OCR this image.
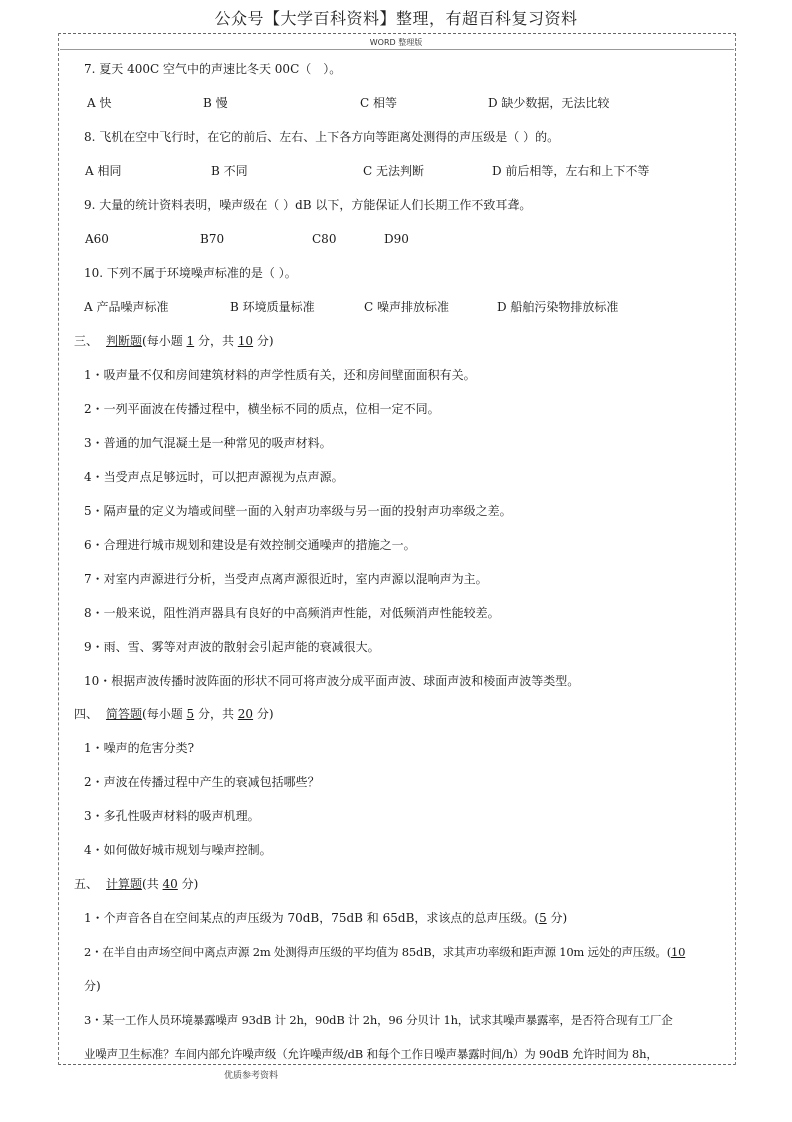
公众号【大学百科资料】整理，有超百科复习资料
WORD 整理版
7. 夏天 400C 空气中的声速比冬天 00C（　）。
A 快	B 慢	C 相等	D 缺少数据，无法比较
8. 飞机在空中飞行时，在它的前后、左右、上下各方向等距离处测得的声压级是（ ）的。
A 相同	B 不同	C 无法判断	D 前后相等，左右和上下不等
9. 大量的统计资料表明，噪声级在（ ）dB 以下，方能保证人们长期工作不致耳聋。
A60	B70	C80	D90
10. 下列不属于环境噪声标准的是（ ）。
A 产品噪声标准	B 环境质量标准	C 噪声排放标准	D 船舶污染物排放标准
三、 判断题(每小题 1 分，共 10 分)
1・吸声量不仅和房间建筑材料的声学性质有关，还和房间壁面面积有关。
2・一列平面波在传播过程中，横坐标不同的质点，位相一定不同。
3・普通的加气混凝土是一种常见的吸声材料。
4・当受声点足够远时，可以把声源视为点声源。
5・隔声量的定义为墙或间壁一面的入射声功率级与另一面的投射声功率级之差。
6・合理进行城市规划和建设是有效控制交通噪声的措施之一。
7・对室内声源进行分析，当受声点离声源很近时，室内声源以混响声为主。
8・一般来说，阻性消声器具有良好的中高频消声性能，对低频消声性能较差。
9・雨、雪、雾等对声波的散射会引起声能的衰减很大。
10・根据声波传播时波阵面的形状不同可将声波分成平面声波、球面声波和棱面声波等类型。
四、 简答题(每小题 5 分，共 20 分)
1・噪声的危害分类?
2・声波在传播过程中产生的衰减包括哪些？
3・多孔性吸声材料的吸声机理。
4・如何做好城市规划与噪声控制。
五、 计算题(共 40 分)
1・个声音各自在空间某点的声压级为 70dB，75dB 和 65dB，求该点的总声压级。(5 分)
2・在半自由声场空间中离点声源 2m 处测得声压级的平均值为 85dB，求其声功率级和距声源 10m 远处的声压级。(10
分)
3・某一工作人员环境暴露噪声 93dB 计 2h，90dB 计 2h，96 分贝计 1h，试求其噪声暴露率，是否符合现有工厂企
业噪声卫生标准？车间内部允许噪声级（允许噪声级/dB 和每个工作日噪声暴露时间/h）为 90dB 允许时间为 8h，
优质参考资料
